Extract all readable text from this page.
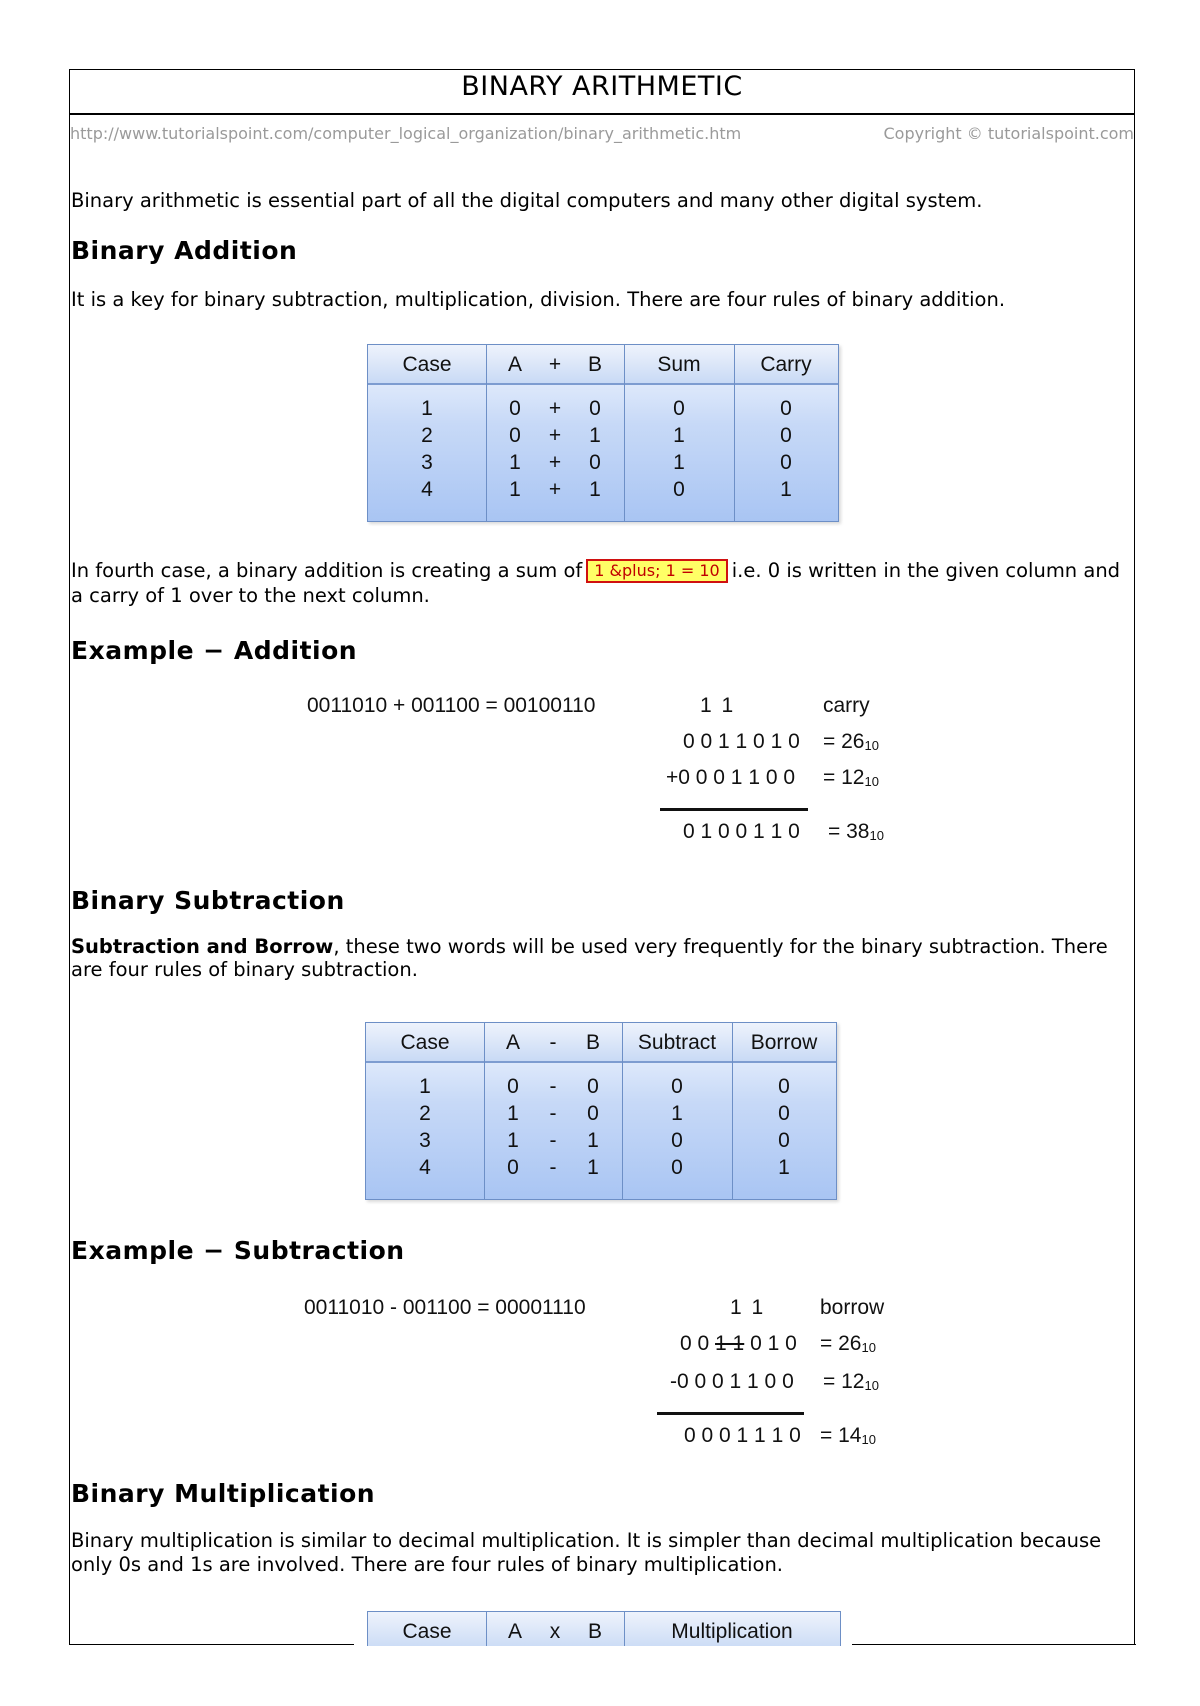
BINARY ARITHMETIC
http://www.tutorialspoint.com/computer_logical_organization/binary_arithmetic.htm	Copyright © tutorialspoint.com
Binary arithmetic is essential part of all the digital computers and many other digital system.
Binary Addition
It is a key for binary subtraction, multiplication, division. There are four rules of binary addition.
Case	A	+	B	Sum	Carry
1	0	+	0	0	0
2	0	+	1	1	0
3	1	+	0	1	0
4	1	+	1	0	1
In fourth case, a binary addition is creating a sum of 1 &plus; 1 = 10 i.e. 0 is written in the given column and a carry of 1 over to the next column.
Example − Addition
0011010 + 001100 = 00100110	1 1	carry
0 0 1 1 0 1 $0 = 26_{10}$
+0 0 0 1 1 0 $0 = 12_{10}$
0 1 0 0 1 1 $0 = 38_{10}$
Binary Subtraction
Subtraction and Borrow, these two words will be used very frequently for the binary subtraction. There are four rules of binary subtraction.
Case	A	-	B	Subtract	Borrow
1	0	-	0	0	0
2	1	-	0	1	0
3	1	-	1	0	0
4	0	-	1	0	1
Example − Subtraction
0011010 - 001100 = 00001110	1 1	borrow
0 0 1 1 0 1 $0 = 26_{10}$
-0 0 0 1 1 0 $0 = 12_{10}$
0 0 0 1 1 1 $0 = 14_{10}$
Binary Multiplication
Binary multiplication is similar to decimal multiplication. It is simpler than decimal multiplication because only 0s and 1s are involved. There are four rules of binary multiplication.
Case	A	x	B	Multiplication
